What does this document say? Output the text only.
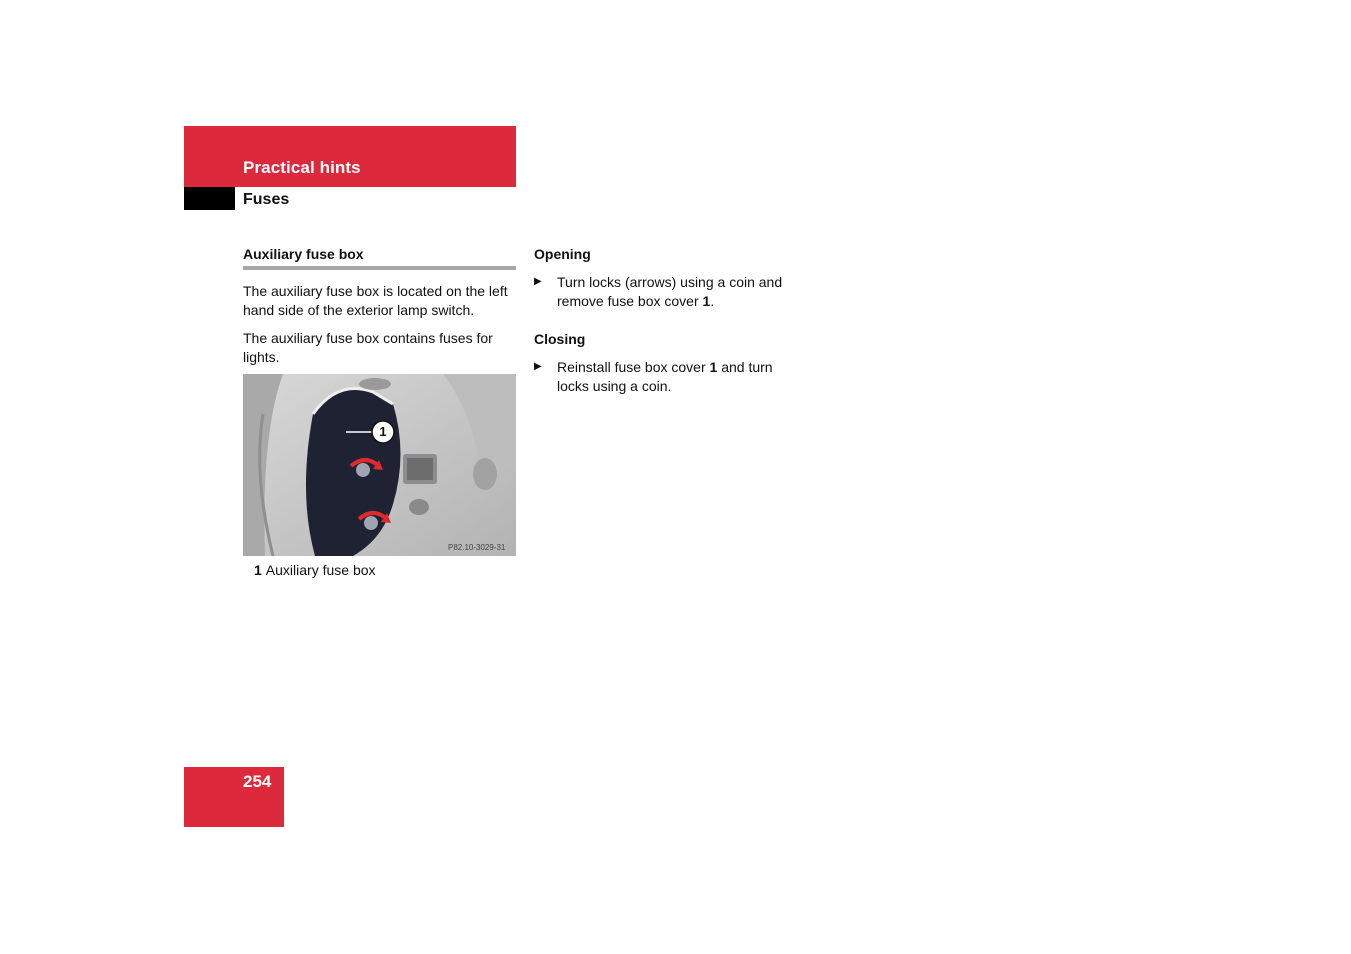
Practical hints
Fuses
Auxiliary fuse box
The auxiliary fuse box is located on the left hand side of the exterior lamp switch.
The auxiliary fuse box contains fuses for lights.
1
P82.10-3029-31
1 Auxiliary fuse box
Opening
▶ Turn locks (arrows) using a coin and remove fuse box cover 1.
Closing
▶ Reinstall fuse box cover 1 and turn locks using a coin.
254
